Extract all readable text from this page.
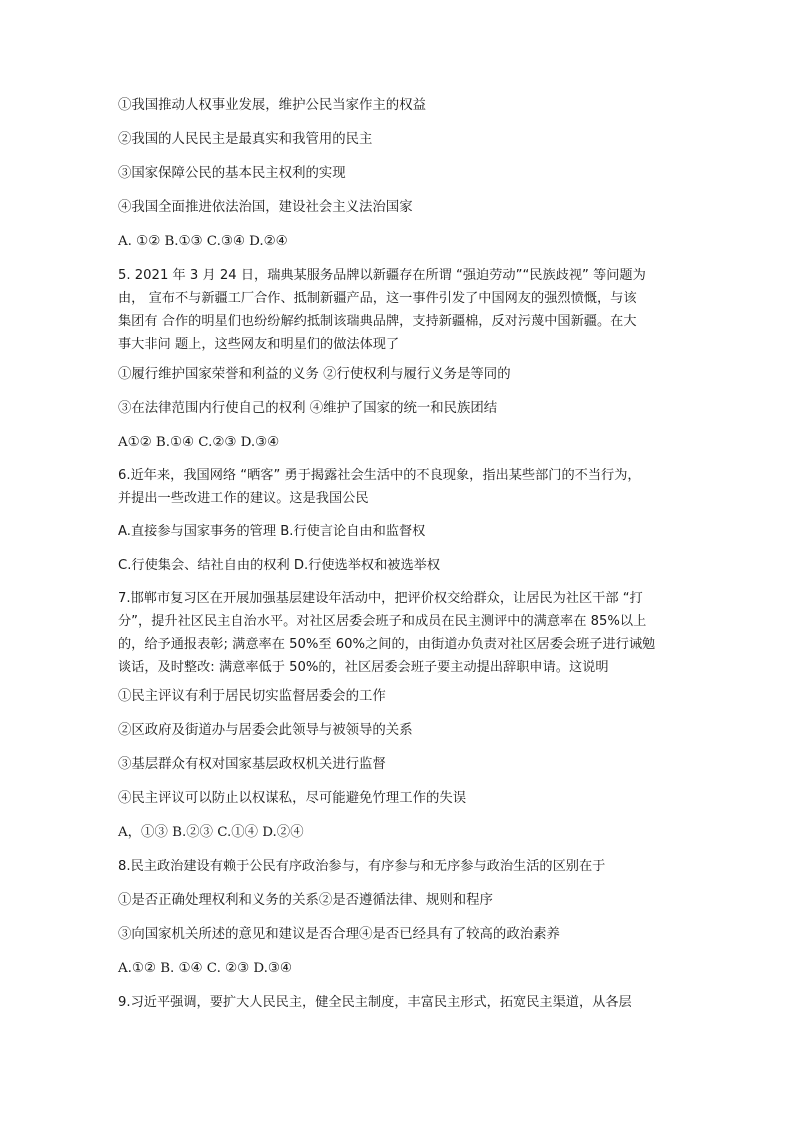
①我国推动人权事业发展，维护公民当家作主的权益
②我国的人民民主是最真实和我管用的民主
③国家保障公民的基本民主权利的实现
④我国全面推进依法治国，建设社会主义法治国家
A. ①② B.①③ C.③④ D.②④
5. 2021 年 3 月 24 日，瑞典某服务品牌以新疆存在所谓 “强迫劳动”“民族歧视” 等问题为
由， 宣布不与新疆工厂合作、抵制新疆产品，这一事件引发了中国网友的强烈愤慨，与该
集团有 合作的明星们也纷纷解约抵制该瑞典品牌，支持新疆棉，反对污蔑中国新疆。在大
事大非问 题上，这些网友和明星们的做法体现了
①履行维护国家荣誉和利益的义务 ②行使权利与履行义务是等同的
③在法律范围内行使自己的权利 ④维护了国家的统一和民族团结
A①② B.①④ C.②③ D.③④
6.近年来，我国网络 “晒客” 勇于揭露社会生活中的不良现象，指出某些部门的不当行为，
并提出一些改进工作的建议。这是我国公民
A.直接参与国家事务的管理 B.行使言论自由和监督权
C.行使集会、结社自由的权利 D.行使选举权和被选举权
7.邯郸市复习区在开展加强基层建设年活动中，把评价权交给群众，让居民为社区干部 “打
分”，提升社区民主自治水平。对社区居委会班子和成员在民主测评中的满意率在 85%以上
的，给予通报表彰; 满意率在 50%至 60%之间的，由街道办负责对社区居委会班子进行诫勉
谈话，及时整改: 满意率低于 50%的，社区居委会班子要主动提出辞职申请。这说明
①民主评议有利于居民切实监督居委会的工作
②区政府及街道办与居委会此领导与被领导的关系
③基层群众有权对国家基层政权机关进行监督
④民主评议可以防止以权谋私，尽可能避免竹理工作的失误
A，①③ B.②③ C.①④ D.②④
8.民主政治建设有赖于公民有序政治参与，有序参与和无序参与政治生活的区别在于
①是否正确处理权利和义务的关系②是否遵循法律、规则和程序
③向国家机关所述的意见和建议是否合理④是否已经具有了较高的政治素养
A.①② B. ①④ C. ②③ D.③④
9.习近平强调，要扩大人民民主，健全民主制度，丰富民主形式，拓宽民主渠道，从各层
